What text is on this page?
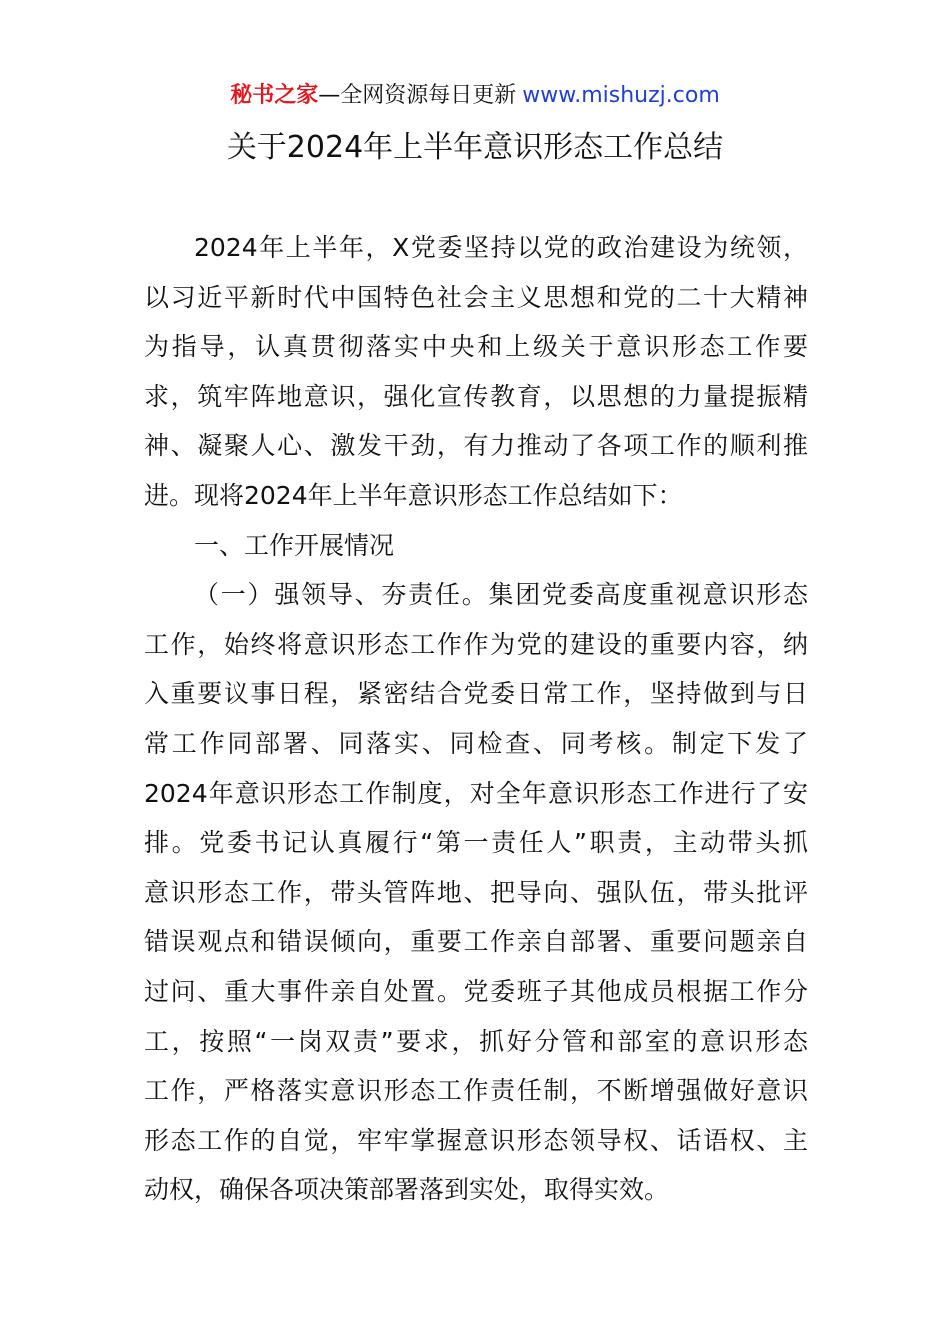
秘书之家—全网资源每日更新 www.mishuzj.com
关于2024年上半年意识形态工作总结
2024年上半年，X党委坚持以党的政治建设为统领，
以习近平新时代中国特色社会主义思想和党的二十大精神
为指导，认真贯彻落实中央和上级关于意识形态工作要
求，筑牢阵地意识，强化宣传教育，以思想的力量提振精
神、凝聚人心、激发干劲，有力推动了各项工作的顺利推
进。现将2024年上半年意识形态工作总结如下：
一、工作开展情况
（一）强领导、夯责任。集团党委高度重视意识形态
工作，始终将意识形态工作作为党的建设的重要内容，纳
入重要议事日程，紧密结合党委日常工作，坚持做到与日
常工作同部署、同落实、同检查、同考核。制定下发了
2024年意识形态工作制度，对全年意识形态工作进行了安
排。党委书记认真履行“第一责任人”职责，主动带头抓
意识形态工作，带头管阵地、把导向、强队伍，带头批评
错误观点和错误倾向，重要工作亲自部署、重要问题亲自
过问、重大事件亲自处置。党委班子其他成员根据工作分
工，按照“一岗双责”要求，抓好分管和部室的意识形态
工作，严格落实意识形态工作责任制，不断增强做好意识
形态工作的自觉，牢牢掌握意识形态领导权、话语权、主
动权，确保各项决策部署落到实处，取得实效。
